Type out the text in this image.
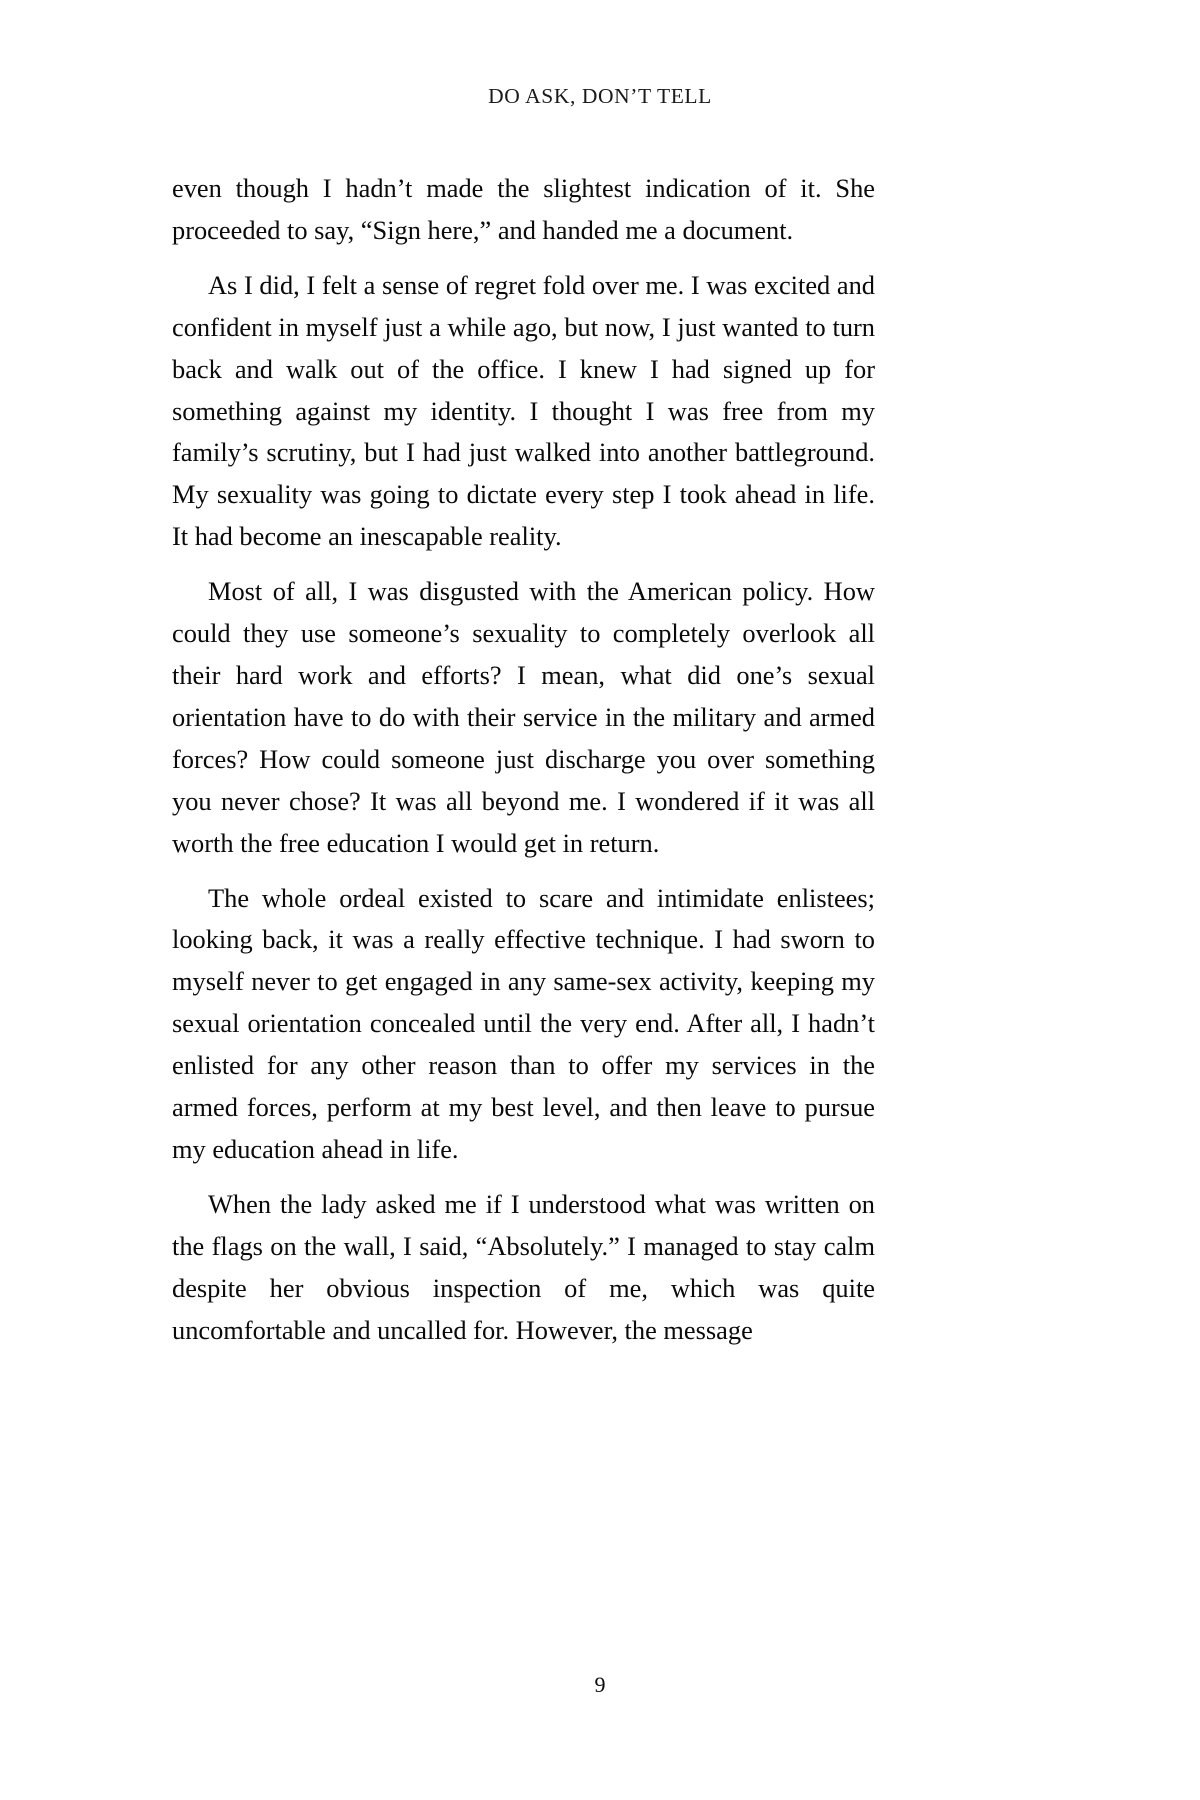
DO ASK, DON’T TELL

even though I hadn’t made the slightest indication of it. She proceeded to say, “Sign here,” and handed me a document.

As I did, I felt a sense of regret fold over me. I was excited and confident in myself just a while ago, but now, I just wanted to turn back and walk out of the office. I knew I had signed up for something against my identity. I thought I was free from my family’s scrutiny, but I had just walked into another battleground. My sexuality was going to dictate every step I took ahead in life. It had become an inescapable reality.

Most of all, I was disgusted with the American policy. How could they use someone’s sexuality to completely overlook all their hard work and efforts? I mean, what did one’s sexual orientation have to do with their service in the military and armed forces? How could someone just discharge you over something you never chose? It was all beyond me. I wondered if it was all worth the free education I would get in return.

The whole ordeal existed to scare and intimidate enlistees; looking back, it was a really effective technique. I had sworn to myself never to get engaged in any same-sex activity, keeping my sexual orientation concealed until the very end. After all, I hadn’t enlisted for any other reason than to offer my services in the armed forces, perform at my best level, and then leave to pursue my education ahead in life.

When the lady asked me if I understood what was written on the flags on the wall, I said, “Absolutely.” I managed to stay calm despite her obvious inspection of me, which was quite uncomfortable and uncalled for. However, the message

9
